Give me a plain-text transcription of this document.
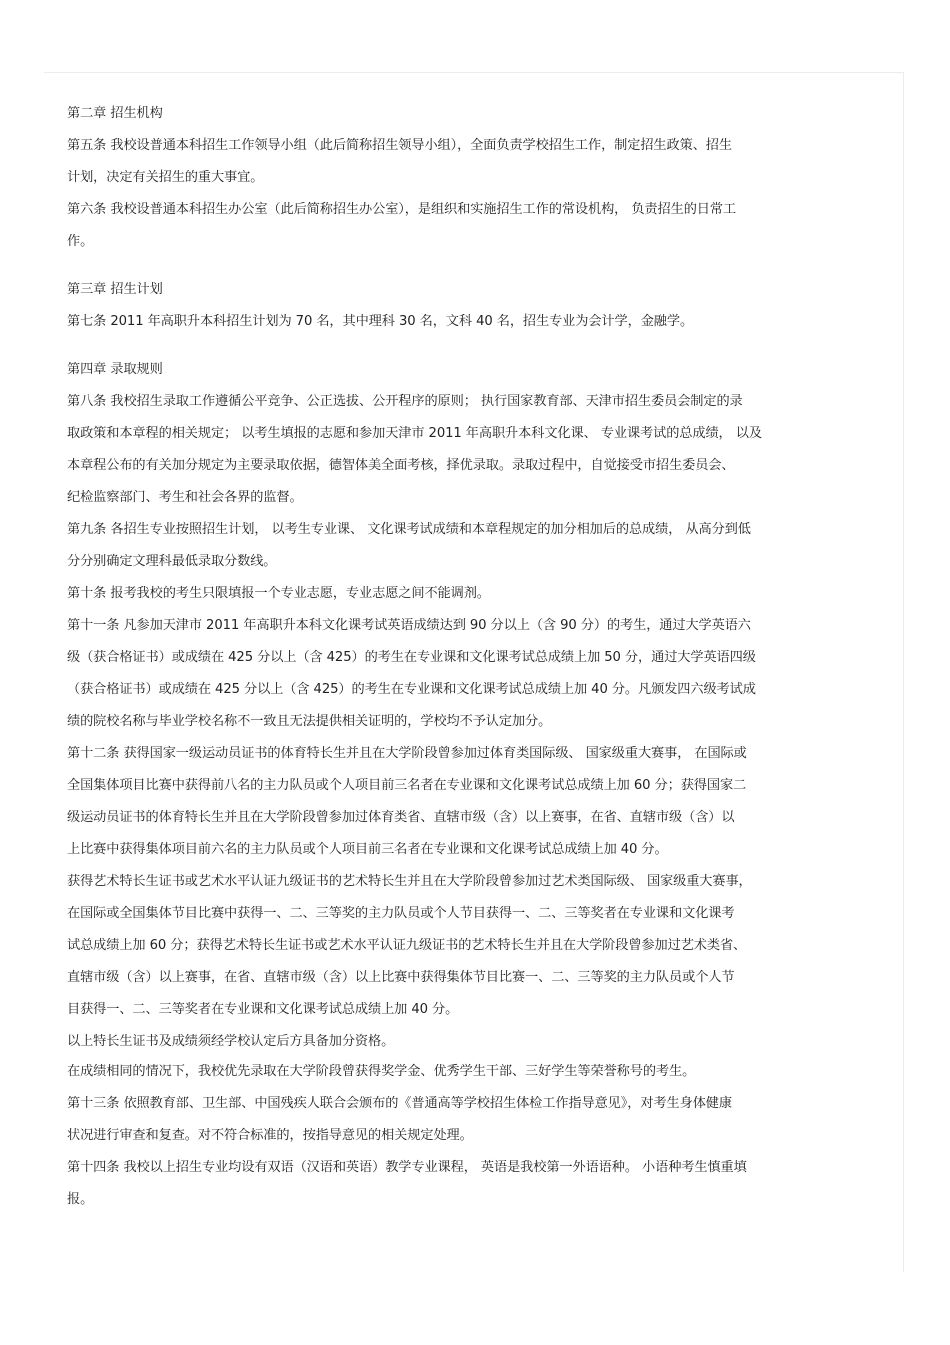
第二章 招生机构
第五条 我校设普通本科招生工作领导小组（此后简称招生领导小组），全面负责学校招生工作，制定招生政策、招生
计划，决定有关招生的重大事宜。
第六条 我校设普通本科招生办公室（此后简称招生办公室），是组织和实施招生工作的常设机构， 负责招生的日常工
作。
第三章 招生计划
第七条 2011 年高职升本科招生计划为 70 名，其中理科 30 名，文科 40 名，招生专业为会计学，金融学。
第四章 录取规则
第八条 我校招生录取工作遵循公平竞争、公正选拔、公开程序的原则； 执行国家教育部、天津市招生委员会制定的录
取政策和本章程的相关规定； 以考生填报的志愿和参加天津市 2011 年高职升本科文化课、 专业课考试的总成绩， 以及
本章程公布的有关加分规定为主要录取依据，德智体美全面考核，择优录取。录取过程中，自觉接受市招生委员会、
纪检监察部门、考生和社会各界的监督。
第九条 各招生专业按照招生计划， 以考生专业课、 文化课考试成绩和本章程规定的加分相加后的总成绩， 从高分到低
分分别确定文理科最低录取分数线。
第十条 报考我校的考生只限填报一个专业志愿，专业志愿之间不能调剂。
第十一条 凡参加天津市 2011 年高职升本科文化课考试英语成绩达到 90 分以上（含 90 分）的考生，通过大学英语六
级（获合格证书）或成绩在 425 分以上（含 425）的考生在专业课和文化课考试总成绩上加 50 分，通过大学英语四级
（获合格证书）或成绩在 425 分以上（含 425）的考生在专业课和文化课考试总成绩上加 40 分。凡颁发四六级考试成
绩的院校名称与毕业学校名称不一致且无法提供相关证明的，学校均不予认定加分。
第十二条 获得国家一级运动员证书的体育特长生并且在大学阶段曾参加过体育类国际级、 国家级重大赛事， 在国际或
全国集体项目比赛中获得前八名的主力队员或个人项目前三名者在专业课和文化课考试总成绩上加 60 分；获得国家二
级运动员证书的体育特长生并且在大学阶段曾参加过体育类省、直辖市级（含）以上赛事，在省、直辖市级（含）以
上比赛中获得集体项目前六名的主力队员或个人项目前三名者在专业课和文化课考试总成绩上加 40 分。
获得艺术特长生证书或艺术水平认证九级证书的艺术特长生并且在大学阶段曾参加过艺术类国际级、 国家级重大赛事，
在国际或全国集体节目比赛中获得一、二、三等奖的主力队员或个人节目获得一、二、三等奖者在专业课和文化课考
试总成绩上加 60 分；获得艺术特长生证书或艺术水平认证九级证书的艺术特长生并且在大学阶段曾参加过艺术类省、
直辖市级（含）以上赛事，在省、直辖市级（含）以上比赛中获得集体节目比赛一、二、三等奖的主力队员或个人节
目获得一、二、三等奖者在专业课和文化课考试总成绩上加 40 分。
以上特长生证书及成绩须经学校认定后方具备加分资格。
在成绩相同的情况下，我校优先录取在大学阶段曾获得奖学金、优秀学生干部、三好学生等荣誉称号的考生。
第十三条 依照教育部、卫生部、中国残疾人联合会颁布的《普通高等学校招生体检工作指导意见》，对考生身体健康
状况进行审查和复查。对不符合标准的，按指导意见的相关规定处理。
第十四条 我校以上招生专业均设有双语（汉语和英语）教学专业课程， 英语是我校第一外语语种。 小语种考生慎重填
报。
